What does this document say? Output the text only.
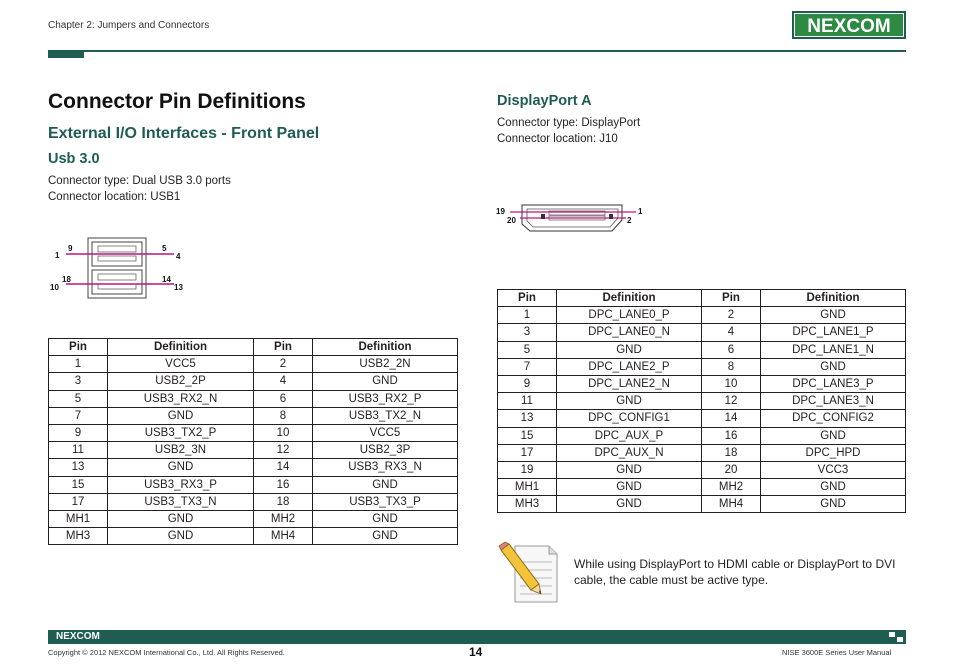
Chapter 2: Jumpers and Connectors	NEXCOM
Connector Pin Definitions
External I/O Interfaces - Front Panel
Usb 3.0
Connector type: Dual USB 3.0 ports
Connector location: USB1
9	5
1	4
18	14
10	13
Pin	Definition	Pin	Definition
1	VCC5	2	USB2_2N
3	USB2_2P	4	GND
5	USB3_RX2_N	6	USB3_RX2_P
7	GND	8	USB3_TX2_N
9	USB3_TX2_P	10	VCC5
11	USB2_3N	12	USB2_3P
13	GND	14	USB3_RX3_N
15	USB3_RX3_P	16	GND
17	USB3_TX3_N	18	USB3_TX3_P
MH1	GND	MH2	GND
MH3	GND	MH4	GND
DisplayPort A
Connector type: DisplayPort
Connector location: J10
19	1
20	2
Pin	Definition	Pin	Definition
1	DPC_LANE0_P	2	GND
3	DPC_LANE0_N	4	DPC_LANE1_P
5	GND	6	DPC_LANE1_N
7	DPC_LANE2_P	8	GND
9	DPC_LANE2_N	10	DPC_LANE3_P
11	GND	12	DPC_LANE3_N
13	DPC_CONFIG1	14	DPC_CONFIG2
15	DPC_AUX_P	16	GND
17	DPC_AUX_N	18	DPC_HPD
19	GND	20	VCC3
MH1	GND	MH2	GND
MH3	GND	MH4	GND
While using DisplayPort to HDMI cable or DisplayPort to DVI cable, the cable must be active type.
NEXCOM
Copyright © 2012 NEXCOM International Co., Ltd. All Rights Reserved.	14	NISE 3600E Series User Manual
